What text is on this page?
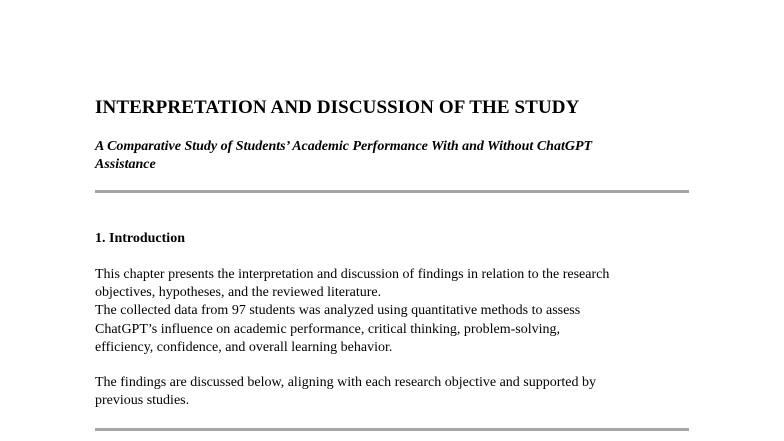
INTERPRETATION AND DISCUSSION OF THE STUDY

A Comparative Study of Students’ Academic Performance With and Without ChatGPT
Assistance

1. Introduction

This chapter presents the interpretation and discussion of findings in relation to the research
objectives, hypotheses, and the reviewed literature.
The collected data from 97 students was analyzed using quantitative methods to assess
ChatGPT’s influence on academic performance, critical thinking, problem-solving,
efficiency, confidence, and overall learning behavior.

The findings are discussed below, aligning with each research objective and supported by
previous studies.
